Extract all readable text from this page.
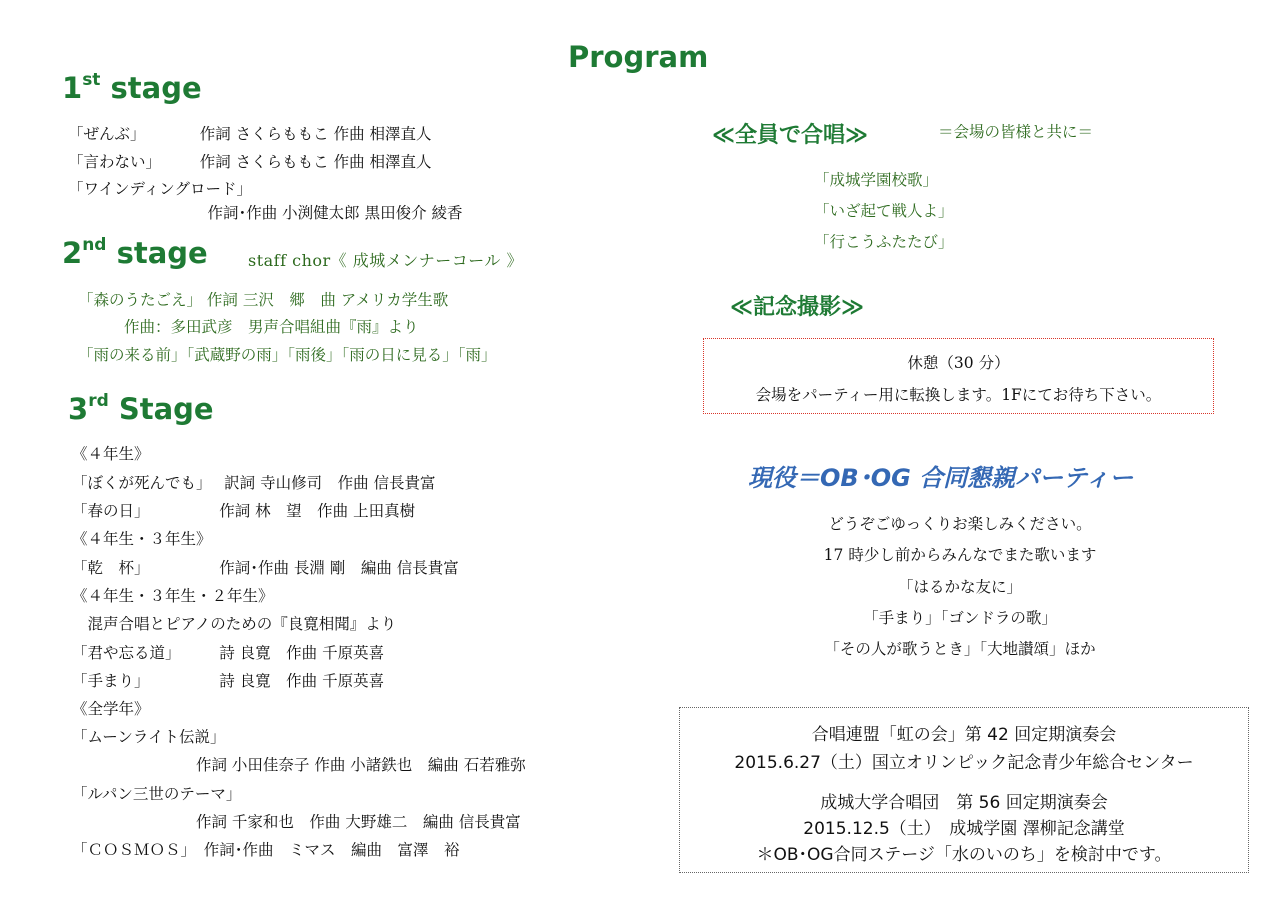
Program
1st stage
「ぜんぶ」　　　　作詞 さくらももこ 作曲 相澤直人
「言わない」　　　作詞 さくらももこ 作曲 相澤直人
「ワインディングロード」
　　　　　　　　　作詞･作曲 小渕健太郎 黒田俊介 綾香
2nd stage	staff chor《 成城メンナーコール 》
「森のうたごえ」 作詞 三沢　郷　曲 アメリカ学生歌
作曲：多田武彦　男声合唱組曲『雨』より
「雨の来る前」「武蔵野の雨」「雨後」「雨の日に見る」「雨」
3rd Stage
《４年生》
「ぼくが死んでも」　 訳詞 寺山修司　作曲 信長貴富
「春の日」　　　　　作詞 林　望　作曲 上田真樹
《４年生・３年生》
「乾　杯」　　　　　作詞･作曲 長淵 剛　編曲 信長貴富
《４年生・３年生・２年生》
　混声合唱とピアノのための『良寛相聞』より
「君や忘る道」　　　詩 良寛　作曲 千原英喜
「手まり」　　　　　詩 良寛　作曲 千原英喜
《全学年》
「ムーンライト伝説」
　　　　　　　　作詞 小田佳奈子 作曲 小諸鉄也　編曲 石若雅弥
「ルパン三世のテーマ」
　　　　　　　　作詞 千家和也　作曲 大野雄二　編曲 信長貴富
「ＣＯＳＭＯＳ」　作詞･作曲　ミマス　編曲　富澤　裕
≪全員で合唱≫	＝会場の皆様と共に＝
「成城学園校歌」
「いざ起て戦人よ」
「行こうふたたび」
≪記念撮影≫
休憩（30 分）
会場をパーティー用に転換します。1Fにてお待ち下さい。
現役＝OB･OG 合同懇親パーティー
どうぞごゆっくりお楽しみください。
17 時少し前からみんなでまた歌います
「はるかな友に」
「手まり」「ゴンドラの歌」
「その人が歌うとき」「大地讃頌」ほか
合唱連盟「虹の会」第 42 回定期演奏会
2015.6.27（土）国立オリンピック記念青少年総合センター
成城大学合唱団　第 56 回定期演奏会
2015.12.5（土）　成城学園 澤柳記念講堂
＊OB･OG合同ステージ「水のいのち」を検討中です。
